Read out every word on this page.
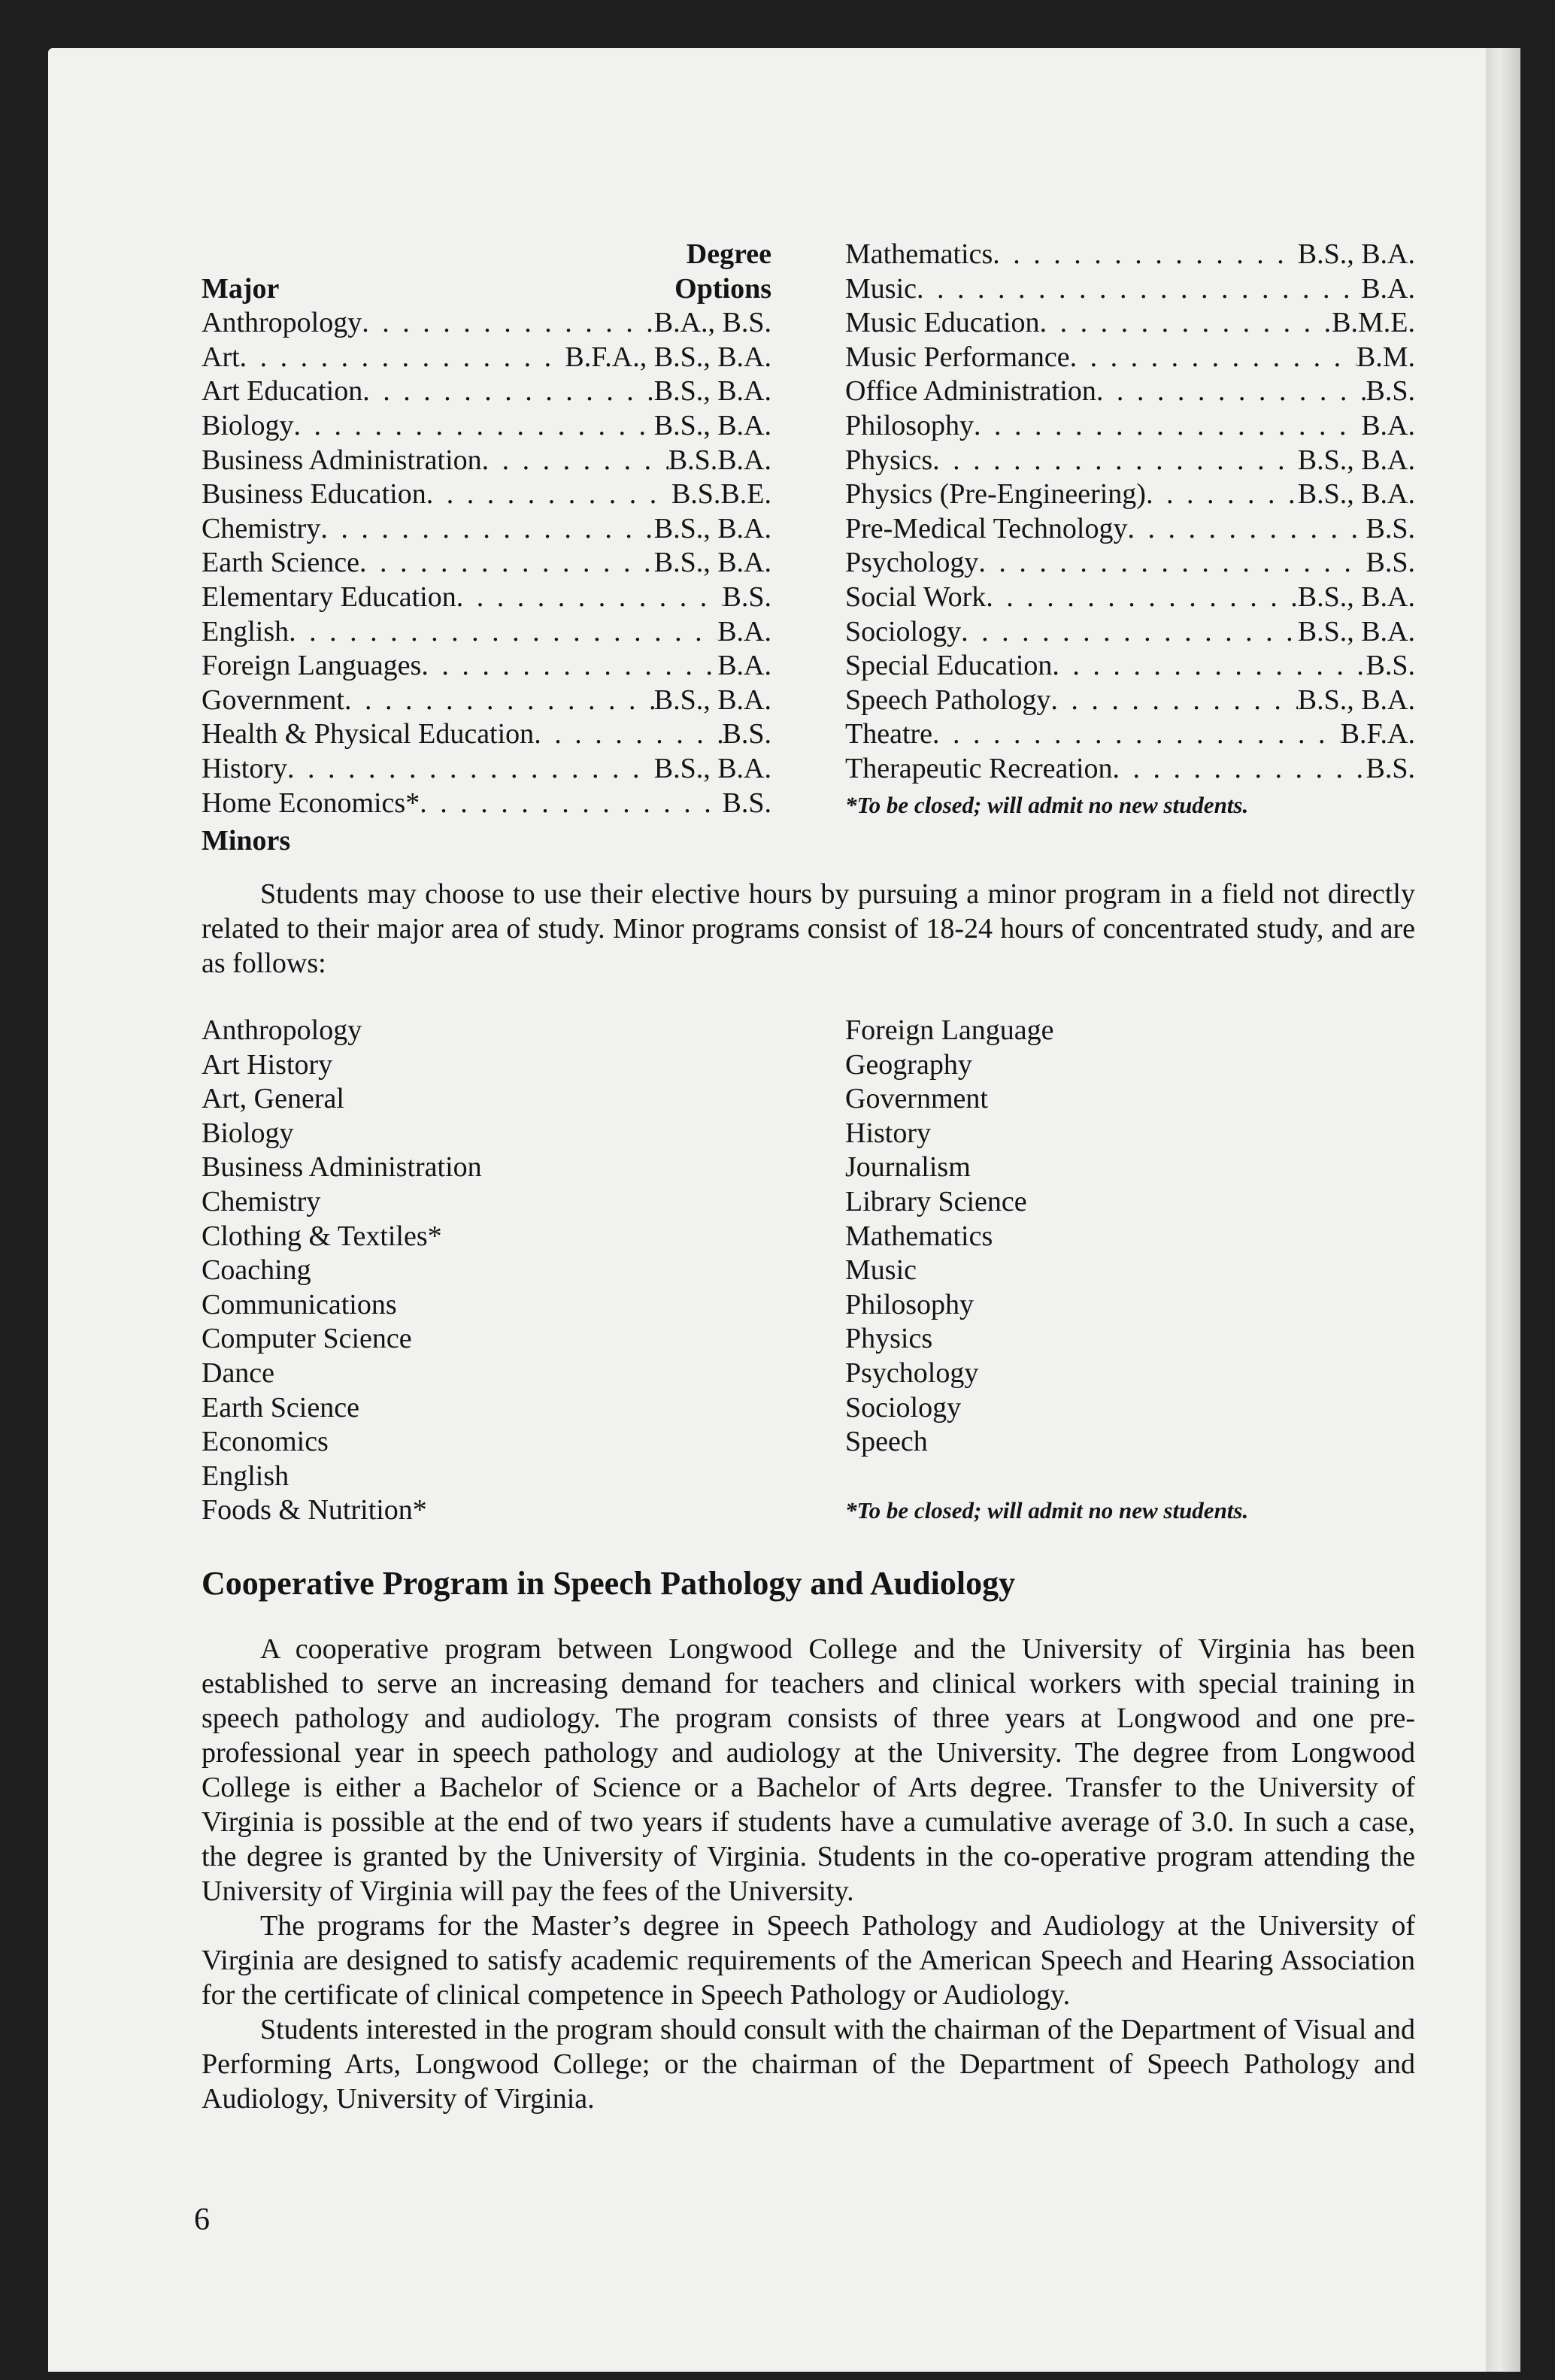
Degree
Major	Options
Anthropology . . .	B.A., B.S.
Art . . .	B.F.A., B.S., B.A.
Art Education . . .	B.S., B.A.
Biology . . .	B.S., B.A.
Business Administration . . .	B.S.B.A.
Business Education . . .	B.S.B.E.
Chemistry . . .	B.S., B.A.
Earth Science . . .	B.S., B.A.
Elementary Education . . .	B.S.
English . . .	B.A.
Foreign Languages . . .	B.A.
Government . . .	B.S., B.A.
Health & Physical Education . . .	B.S.
History . . .	B.S., B.A.
Home Economics* . . .	B.S.
Mathematics . . .	B.S., B.A.
Music . . .	B.A.
Music Education . . .	B.M.E.
Music Performance . . .	B.M.
Office Administration . . .	B.S.
Philosophy . . .	B.A.
Physics . . .	B.S., B.A.
Physics (Pre-Engineering) . . .	B.S., B.A.
Pre-Medical Technology . . .	B.S.
Psychology . . .	B.S.
Social Work . . .	B.S., B.A.
Sociology . . .	B.S., B.A.
Special Education . . .	B.S.
Speech Pathology . . .	B.S., B.A.
Theatre . . .	B.F.A.
Therapeutic Recreation . . .	B.S.
*To be closed; will admit no new students.
Minors

Students may choose to use their elective hours by pursuing a minor program in a field not directly related to their major area of study. Minor programs consist of 18-24 hours of concentrated study, and are as follows:

Anthropology
Art History
Art, General
Biology
Business Administration
Chemistry
Clothing & Textiles*
Coaching
Communications
Computer Science
Dance
Earth Science
Economics
English
Foods & Nutrition*
Foreign Language
Geography
Government
History
Journalism
Library Science
Mathematics
Music
Philosophy
Physics
Psychology
Sociology
Speech
*To be closed; will admit no new students.
Cooperative Program in Speech Pathology and Audiology

A cooperative program between Longwood College and the University of Virginia has been established to serve an increasing demand for teachers and clinical workers with special training in speech pathology and audiology. The program consists of three years at Longwood and one pre-professional year in speech pathology and audiology at the University. The degree from Longwood College is either a Bachelor of Science or a Bachelor of Arts degree. Transfer to the University of Virginia is possible at the end of two years if students have a cumulative average of 3.0. In such a case, the degree is granted by the University of Virginia. Students in the co-operative program attending the University of Virginia will pay the fees of the University.

The programs for the Master’s degree in Speech Pathology and Audiology at the University of Virginia are designed to satisfy academic requirements of the American Speech and Hearing Association for the certificate of clinical competence in Speech Pathology or Audiology.

Students interested in the program should consult with the chairman of the Department of Visual and Performing Arts, Longwood College; or the chairman of the Department of Speech Pathology and Audiology, University of Virginia.

6
